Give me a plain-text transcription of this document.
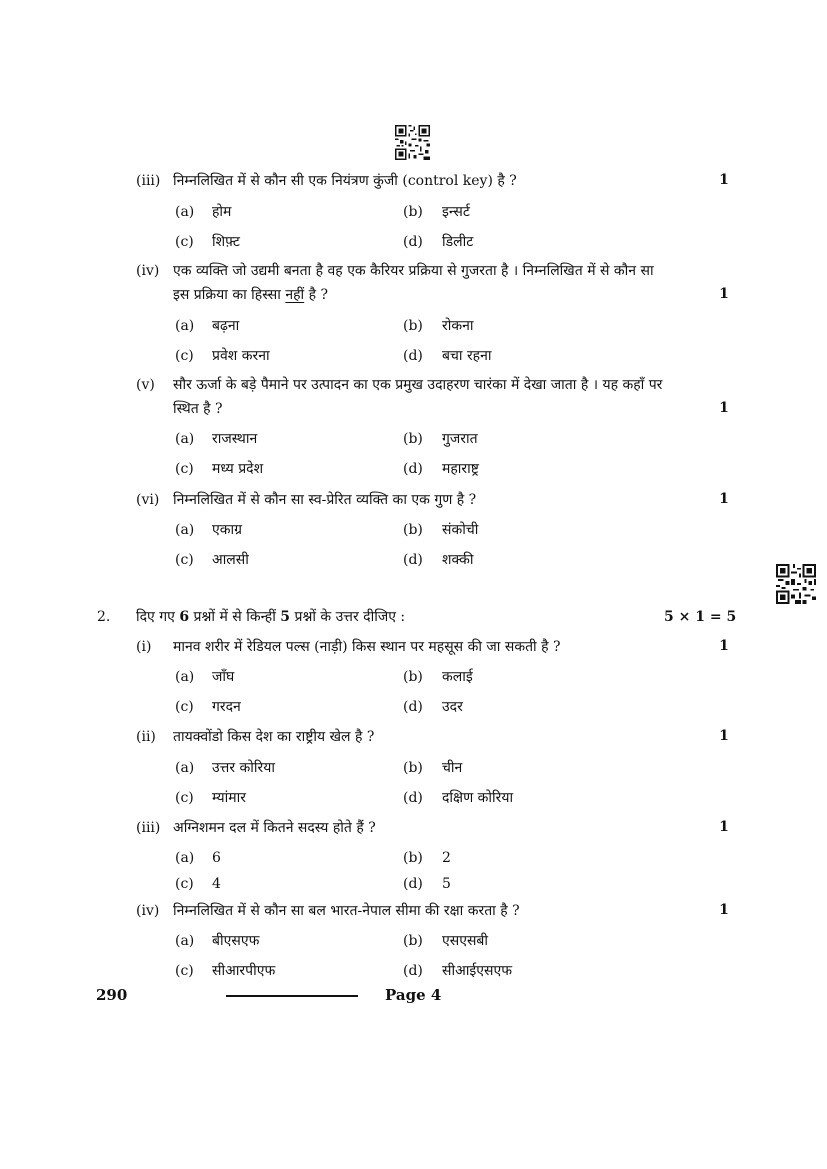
(iii) निम्नलिखित में से कौन सी एक नियंत्रण कुंजी (control key) है ?	1
(a) होम	(b) इन्सर्ट
(c) शिफ़्ट	(d) डिलीट
(iv) एक व्यक्ति जो उद्यमी बनता है वह एक कैरियर प्रक्रिया से गुजरता है । निम्नलिखित में से कौन सा
इस प्रक्रिया का हिस्सा नहीं है ?	1
(a) बढ़ना	(b) रोकना
(c) प्रवेश करना	(d) बचा रहना
(v) सौर ऊर्जा के बड़े पैमाने पर उत्पादन का एक प्रमुख उदाहरण चारंका में देखा जाता है । यह कहाँ पर
स्थित है ?	1
(a) राजस्थान	(b) गुजरात
(c) मध्य प्रदेश	(d) महाराष्ट्र
(vi) निम्नलिखित में से कौन सा स्व-प्रेरित व्यक्ति का एक गुण है ?	1
(a) एकाग्र	(b) संकोची
(c) आलसी	(d) शक्की
2. दिए गए 6 प्रश्नों में से किन्हीं 5 प्रश्नों के उत्तर दीजिए :	5 × 1 = 5
(i) मानव शरीर में रेडियल पल्स (नाड़ी) किस स्थान पर महसूस की जा सकती है ?	1
(a) जाँघ	(b) कलाई
(c) गरदन	(d) उदर
(ii) तायक्वोंडो किस देश का राष्ट्रीय खेल है ?	1
(a) उत्तर कोरिया	(b) चीन
(c) म्यांमार	(d) दक्षिण कोरिया
(iii) अग्निशमन दल में कितने सदस्य होते हैं ?	1
(a) 6	(b) 2
(c) 4	(d) 5
(iv) निम्नलिखित में से कौन सा बल भारत-नेपाल सीमा की रक्षा करता है ?	1
(a) बीएसएफ	(b) एसएसबी
(c) सीआरपीएफ	(d) सीआईएसएफ
290	Page 4
